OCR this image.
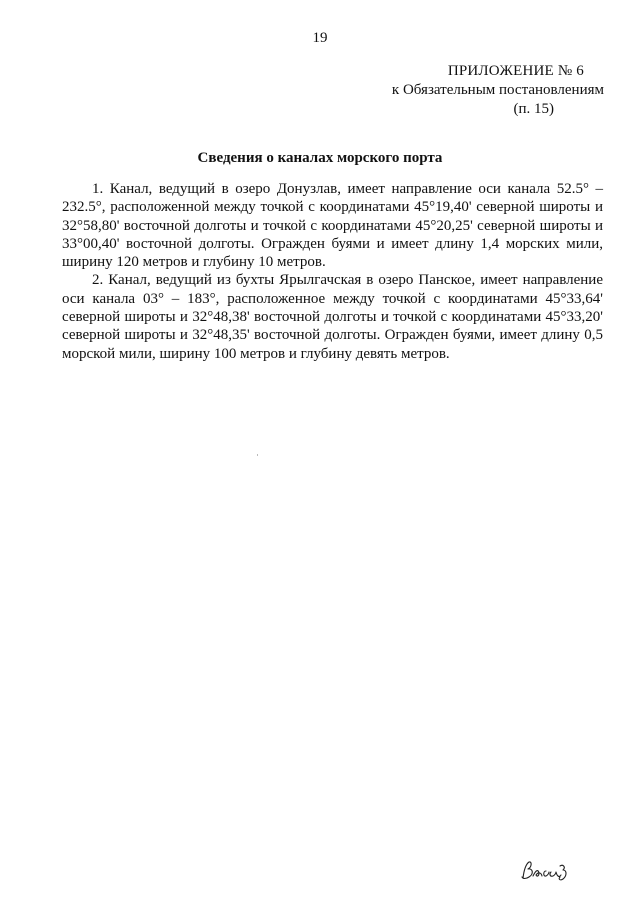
19
ПРИЛОЖЕНИЕ № 6
к Обязательным постановлениям
(п. 15)
Сведения о каналах морского порта

1. Канал, ведущий в озеро Донузлав, имеет направление оси канала 52.5° – 232.5°, расположенной между точкой с координатами 45°19,40' северной широты и 32°58,80' восточной долготы и точкой с координатами 45°20,25' северной широты и 33°00,40' восточной долготы. Огражден буями и имеет длину 1,4 морских мили, ширину 120 метров и глубину 10 метров.

2. Канал, ведущий из бухты Ярылгачская в озеро Панское, имеет направление оси канала 03° – 183°, расположенное между точкой с координатами 45°33,64' северной широты и 32°48,38' восточной долготы и точкой с координатами 45°33,20' северной широты и 32°48,35' восточной долготы. Огражден буями, имеет длину 0,5 морской мили, ширину 100 метров и глубину девять метров.
